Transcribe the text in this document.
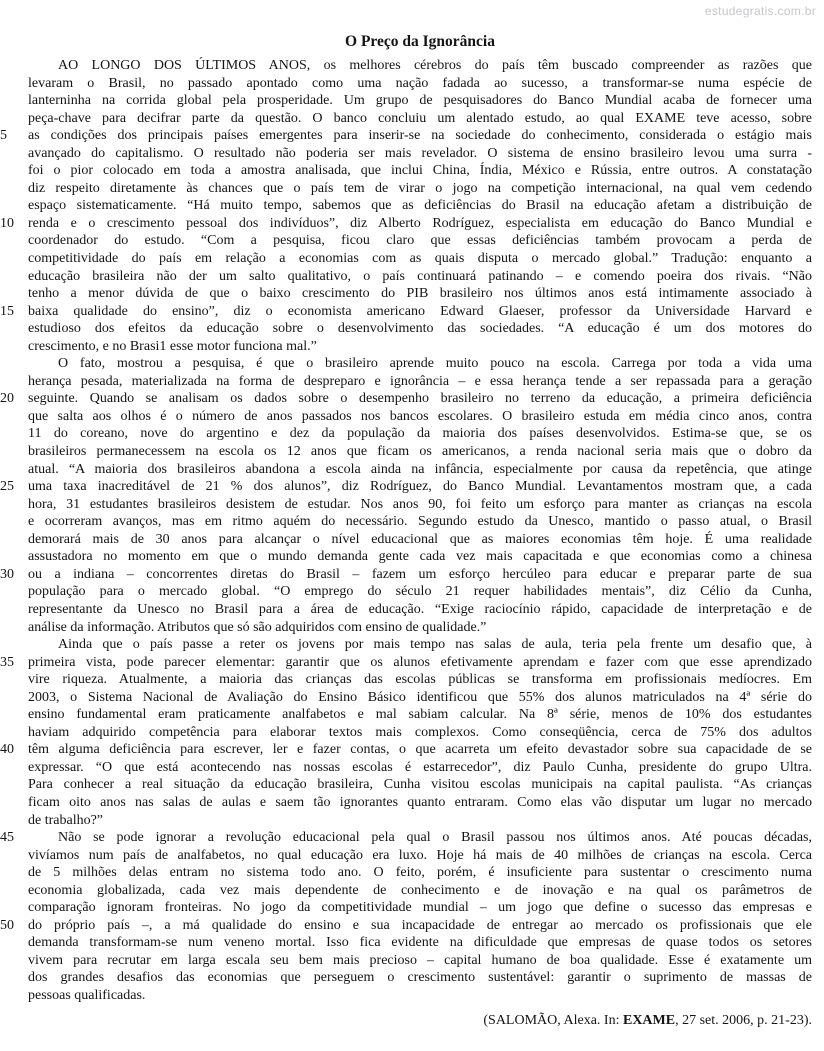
estudegratis.com.br
O Preço da Ignorância
AO LONGO DOS ÚLTIMOS ANOS, os melhores cérebros do país têm buscado compreender as razões que
levaram o Brasil, no passado apontado como uma nação fadada ao sucesso, a transformar-se numa espécie de
lanterninha na corrida global pela prosperidade. Um grupo de pesquisadores do Banco Mundial acaba de fornecer uma
peça-chave para decifrar parte da questão. O banco concluiu um alentado estudo, ao qual EXAME teve acesso, sobre
5	as condições dos principais países emergentes para inserir-se na sociedade do conhecimento, considerada o estágio mais
avançado do capitalismo. O resultado não poderia ser mais revelador. O sistema de ensino brasileiro levou uma surra -
foi o pior colocado em toda a amostra analisada, que inclui China, Índia, México e Rússia, entre outros. A constatação
diz respeito diretamente às chances que o país tem de virar o jogo na competição internacional, na qual vem cedendo
espaço sistematicamente. “Há muito tempo, sabemos que as deficiências do Brasil na educação afetam a distribuição de
10	renda e o crescimento pessoal dos indivíduos”, diz Alberto Rodríguez, especialista em educação do Banco Mundial e
coordenador do estudo. “Com a pesquisa, ficou claro que essas deficiências também provocam a perda de
competitividade do país em relação a economias com as quais disputa o mercado global.” Tradução: enquanto a
educação brasileira não der um salto qualitativo, o país continuará patinando – e comendo poeira dos rivais. “Não
tenho a menor dúvida de que o baixo crescimento do PIB brasileiro nos últimos anos está intimamente associado à
15	baixa qualidade do ensino”, diz o economista americano Edward Glaeser, professor da Universidade Harvard e
estudioso dos efeitos da educação sobre o desenvolvimento das sociedades. “A educação é um dos motores do
crescimento, e no Brasi1 esse motor funciona mal.”
O fato, mostrou a pesquisa, é que o brasileiro aprende muito pouco na escola. Carrega por toda a vida uma
herança pesada, materializada na forma de despreparo e ignorância – e essa herança tende a ser repassada para a geração
20	seguinte. Quando se analisam os dados sobre o desempenho brasileiro no terreno da educação, a primeira deficiência
que salta aos olhos é o número de anos passados nos bancos escolares. O brasileiro estuda em média cinco anos, contra
11 do coreano, nove do argentino e dez da população da maioria dos países desenvolvidos. Estima-se que, se os
brasileiros permanecessem na escola os 12 anos que ficam os americanos, a renda nacional seria mais que o dobro da
atual. “A maioria dos brasileiros abandona a escola ainda na infância, especialmente por causa da repetência, que atinge
25	uma taxa inacreditável de 21 % dos alunos”, diz Rodríguez, do Banco Mundial. Levantamentos mostram que, a cada
hora, 31 estudantes brasileiros desistem de estudar. Nos anos 90, foi feito um esforço para manter as crianças na escola
e ocorreram avanços, mas em ritmo aquém do necessário. Segundo estudo da Unesco, mantido o passo atual, o Brasil
demorará mais de 30 anos para alcançar o nível educacional que as maiores economias têm hoje. É uma realidade
assustadora no momento em que o mundo demanda gente cada vez mais capacitada e que economias como a chinesa
30	ou a indiana – concorrentes diretas do Brasil – fazem um esforço hercúleo para educar e preparar parte de sua
população para o mercado global. “O emprego do século 21 requer habilidades mentais”, diz Célio da Cunha,
representante da Unesco no Brasil para a área de educação. “Exige raciocínio rápido, capacidade de interpretação e de
análise da informação. Atributos que só são adquiridos com ensino de qualidade.”
Ainda que o país passe a reter os jovens por mais tempo nas salas de aula, teria pela frente um desafio que, à
35	primeira vista, pode parecer elementar: garantir que os alunos efetivamente aprendam e fazer com que esse aprendizado
vire riqueza. Atualmente, a maioria das crianças das escolas públicas se transforma em profissionais medíocres. Em
2003, o Sistema Nacional de Avaliação do Ensino Básico identificou que 55% dos alunos matriculados na 4ª série do
ensino fundamental eram praticamente analfabetos e mal sabiam calcular. Na 8ª série, menos de 10% dos estudantes
haviam adquirido competência para elaborar textos mais complexos. Como conseqüência, cerca de 75% dos adultos
40	têm alguma deficiência para escrever, ler e fazer contas, o que acarreta um efeito devastador sobre sua capacidade de se
expressar. “O que está acontecendo nas nossas escolas é estarrecedor”, diz Paulo Cunha, presidente do grupo Ultra.
Para conhecer a real situação da educação brasileira, Cunha visitou escolas municipais na capital paulista. “As crianças
ficam oito anos nas salas de aulas e saem tão ignorantes quanto entraram. Como elas vão disputar um lugar no mercado
de trabalho?”
45	Não se pode ignorar a revolução educacional pela qual o Brasil passou nos últimos anos. Até poucas décadas,
vivíamos num país de analfabetos, no qual educação era luxo. Hoje há mais de 40 milhões de crianças na escola. Cerca
de 5 milhões delas entram no sistema todo ano. O feito, porém, é insuficiente para sustentar o crescimento numa
economia globalizada, cada vez mais dependente de conhecimento e de inovação e na qual os parâmetros de
comparação ignoram fronteiras. No jogo da competitividade mundial – um jogo que define o sucesso das empresas e
50	do próprio país –, a má qualidade do ensino e sua incapacidade de entregar ao mercado os profissionais que ele
demanda transformam-se num veneno mortal. Isso fica evidente na dificuldade que empresas de quase todos os setores
vivem para recrutar em larga escala seu bem mais precioso – capital humano de boa qualidade. Esse é exatamente um
dos grandes desafios das economias que perseguem o crescimento sustentável: garantir o suprimento de massas de
pessoas qualificadas.
(SALOMÃO, Alexa. In: EXAME, 27 set. 2006, p. 21-23).
